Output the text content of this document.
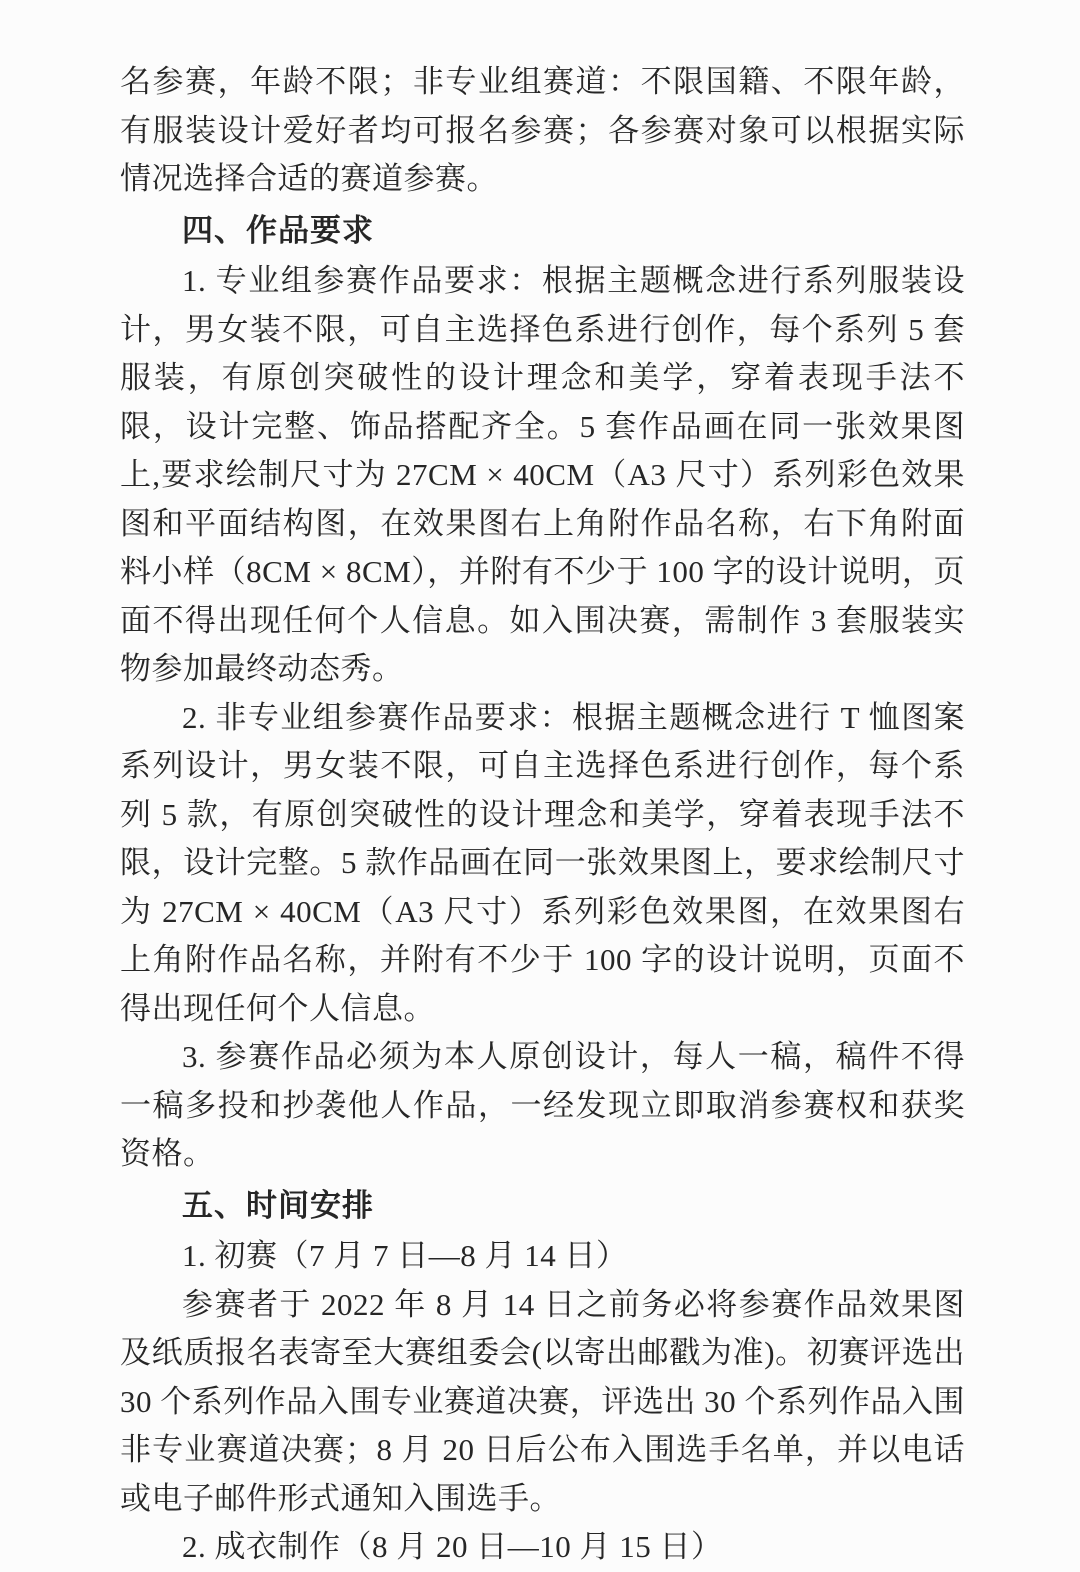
名参赛，年龄不限；非专业组赛道：不限国籍、不限年龄，有服装设计爱好者均可报名参赛；各参赛对象可以根据实际情况选择合适的赛道参赛。

四、作品要求

1. 专业组参赛作品要求：根据主题概念进行系列服装设计，男女装不限，可自主选择色系进行创作，每个系列 5 套服装，有原创突破性的设计理念和美学，穿着表现手法不限，设计完整、饰品搭配齐全。5 套作品画在同一张效果图上,要求绘制尺寸为 27CM × 40CM（A3 尺寸）系列彩色效果图和平面结构图，在效果图右上角附作品名称，右下角附面料小样（8CM × 8CM），并附有不少于 100 字的设计说明，页面不得出现任何个人信息。如入围决赛，需制作 3 套服装实物参加最终动态秀。

2. 非专业组参赛作品要求：根据主题概念进行 T 恤图案系列设计，男女装不限，可自主选择色系进行创作，每个系列 5 款，有原创突破性的设计理念和美学，穿着表现手法不限，设计完整。5 款作品画在同一张效果图上，要求绘制尺寸为 27CM × 40CM（A3 尺寸）系列彩色效果图，在效果图右上角附作品名称，并附有不少于 100 字的设计说明，页面不得出现任何个人信息。

3. 参赛作品必须为本人原创设计，每人一稿，稿件不得一稿多投和抄袭他人作品，一经发现立即取消参赛权和获奖资格。

五、时间安排

1. 初赛（7 月 7 日—8 月 14 日）

参赛者于 2022 年 8 月 14 日之前务必将参赛作品效果图及纸质报名表寄至大赛组委会(以寄出邮戳为准)。初赛评选出 30 个系列作品入围专业赛道决赛，评选出 30 个系列作品入围非专业赛道决赛；8 月 20 日后公布入围选手名单，并以电话或电子邮件形式通知入围选手。

2. 成衣制作（8 月 20 日—10 月 15 日）
